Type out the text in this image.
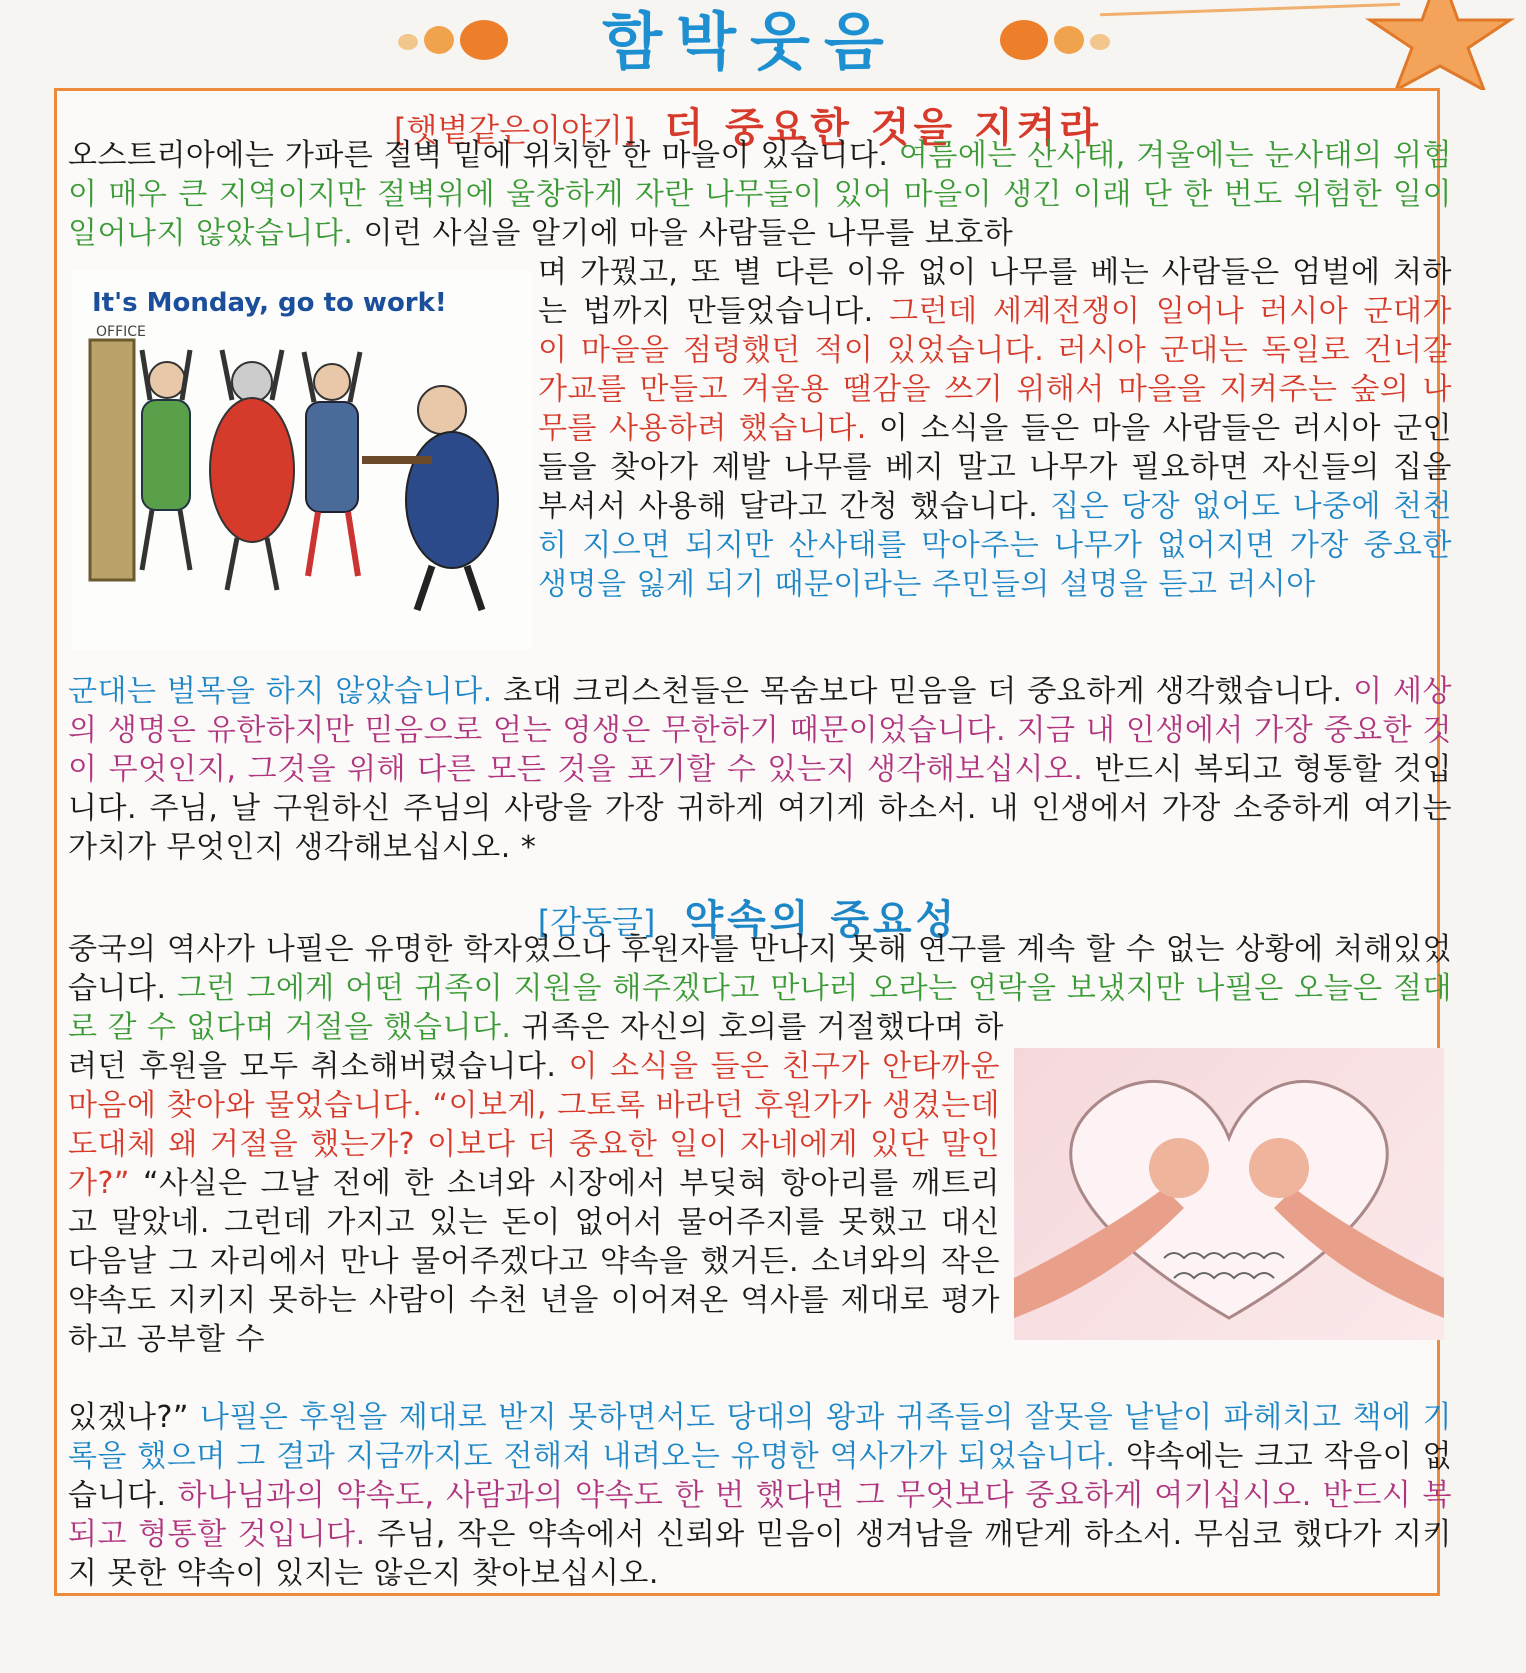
함박웃음
[햇볕같은이야기] 더 중요한 것을 지켜라
It's Monday, go to work!
OFFICE
오스트리아에는 가파른 절벽 밑에 위치한 한 마을이 있습니다. 여름에는 산사태, 겨울에는 눈사태의 위험이 매우 큰 지역이지만 절벽위에 울창하게 자란 나무들이 있어 마을이 생긴 이래 단 한 번도 위험한 일이 일어나지 않았습니다. 이런 사실을 알기에 마을 사람들은 나무를 보호하
며 가꿨고, 또 별 다른 이유 없이 나무를 베는 사람들은 엄벌에 처하는 법까지 만들었습니다. 그런데 세계전쟁이 일어나 러시아 군대가 이 마을을 점령했던 적이 있었습니다. 러시아 군대는 독일로 건너갈 가교를 만들고 겨울용 땔감을 쓰기 위해서 마을을 지켜주는 숲의 나무를 사용하려 했습니다. 이 소식을 들은 마을 사람들은 러시아 군인들을 찾아가 제발 나무를 베지 말고 나무가 필요하면 자신들의 집을 부셔서 사용해 달라고 간청 했습니다. 집은 당장 없어도 나중에 천천히 지으면 되지만 산사태를 막아주는 나무가 없어지면 가장 중요한 생명을 잃게 되기 때문이라는 주민들의 설명을 듣고 러시아
군대는 벌목을 하지 않았습니다. 초대 크리스천들은 목숨보다 믿음을 더 중요하게 생각했습니다. 이 세상의 생명은 유한하지만 믿음으로 얻는 영생은 무한하기 때문이었습니다. 지금 내 인생에서 가장 중요한 것이 무엇인지, 그것을 위해 다른 모든 것을 포기할 수 있는지 생각해보십시오. 반드시 복되고 형통할 것입니다. 주님, 날 구원하신 주님의 사랑을 가장 귀하게 여기게 하소서. 내 인생에서 가장 소중하게 여기는 가치가 무엇인지 생각해보십시오. *
[감동글] 약속의 중요성
중국의 역사가 나필은 유명한 학자였으나 후원자를 만나지 못해 연구를 계속 할 수 없는 상황에 처해있었습니다. 그런 그에게 어떤 귀족이 지원을 해주겠다고 만나러 오라는 연락을 보냈지만 나필은 오늘은 절대로 갈 수 없다며 거절을 했습니다. 귀족은 자신의 호의를 거절했다며 하
려던 후원을 모두 취소해버렸습니다. 이 소식을 들은 친구가 안타까운 마음에 찾아와 물었습니다. “이보게, 그토록 바라던 후원가가 생겼는데 도대체 왜 거절을 했는가? 이보다 더 중요한 일이 자네에게 있단 말인가?” “사실은 그날 전에 한 소녀와 시장에서 부딪혀 항아리를 깨트리고 말았네. 그런데 가지고 있는 돈이 없어서 물어주지를 못했고 대신 다음날 그 자리에서 만나 물어주겠다고 약속을 했거든. 소녀와의 작은 약속도 지키지 못하는 사람이 수천 년을 이어져온 역사를 제대로 평가하고 공부할 수
있겠나?” 나필은 후원을 제대로 받지 못하면서도 당대의 왕과 귀족들의 잘못을 낱낱이 파헤치고 책에 기록을 했으며 그 결과 지금까지도 전해져 내려오는 유명한 역사가가 되었습니다. 약속에는 크고 작음이 없습니다. 하나님과의 약속도, 사람과의 약속도 한 번 했다면 그 무엇보다 중요하게 여기십시오. 반드시 복되고 형통할 것입니다. 주님, 작은 약속에서 신뢰와 믿음이 생겨남을 깨닫게 하소서. 무심코 했다가 지키지 못한 약속이 있지는 않은지 찾아보십시오.
